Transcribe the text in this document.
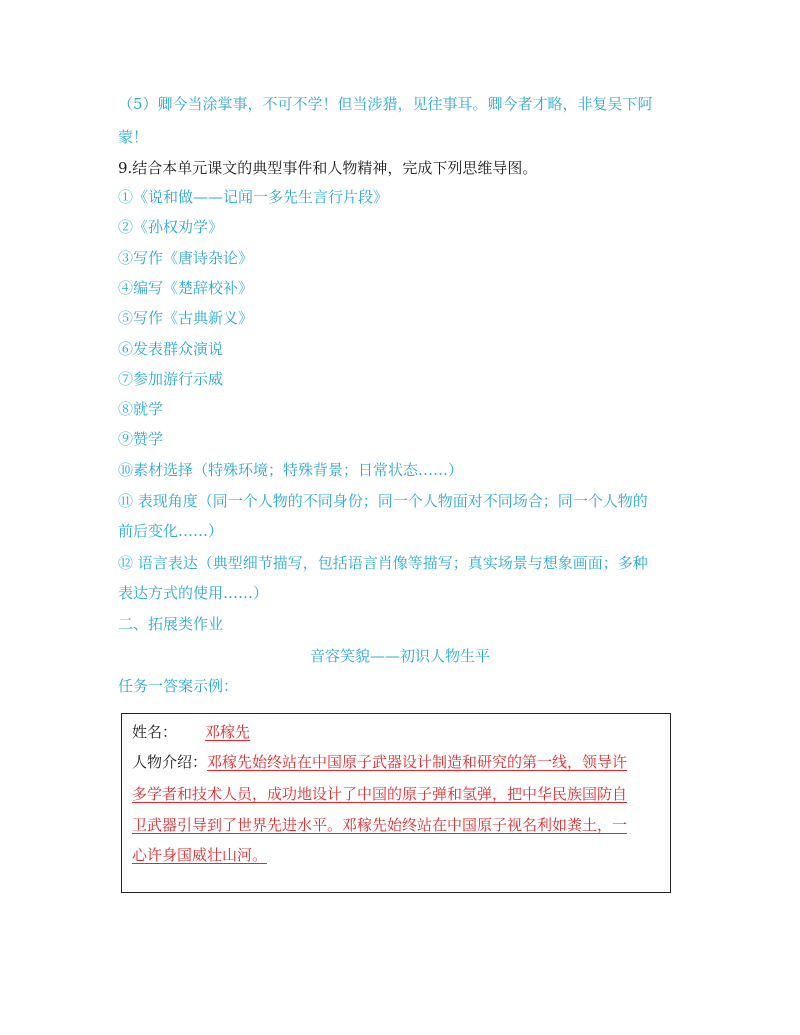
（5）卿今当涂掌事，不可不学！但当涉猎，见往事耳。卿今者才略，非复吴下阿
蒙！
9.结合本单元课文的典型事件和人物精神，完成下列思维导图。
①《说和做——记闻一多先生言行片段》
②《孙权劝学》
③写作《唐诗杂论》
④编写《楚辞校补》
⑤写作《古典新义》
⑥发表群众演说
⑦参加游行示威
⑧就学
⑨赞学
⑩素材选择（特殊环境；特殊背景；日常状态……）
⑪ 表现角度（同一个人物的不同身份；同一个人物面对不同场合；同一个人物的
前后变化……）
⑫ 语言表达（典型细节描写，包括语言肖像等描写；真实场景与想象画面；多种
表达方式的使用……）
二、拓展类作业
音容笑貌——初识人物生平
任务一答案示例：
姓名： 邓稼先
人物介绍：邓稼先始终站在中国原子武器设计制造和研究的第一线，领导许
多学者和技术人员，成功地设计了中国的原子弹和氢弹，把中华民族国防自
卫武器引导到了世界先进水平。邓稼先始终站在中国原子视名利如粪土，一
心许身国威壮山河。
